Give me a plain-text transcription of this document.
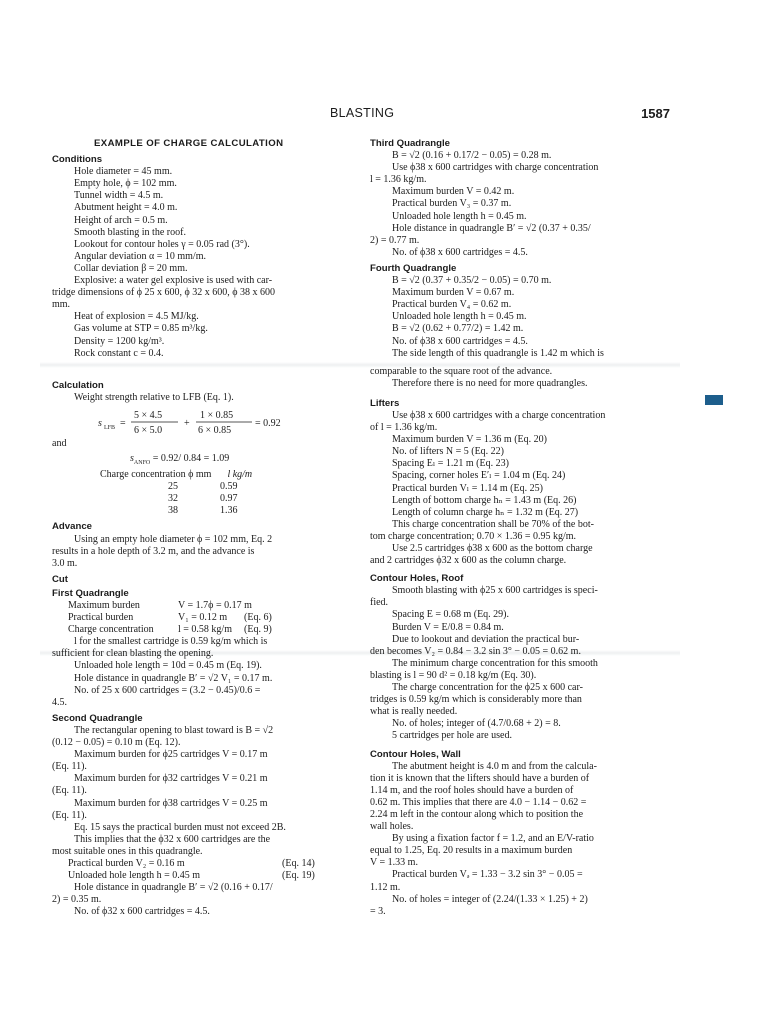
BLASTING	1587
EXAMPLE OF CHARGE CALCULATION
Conditions
Hole diameter = 45 mm.
Empty hole, ϕ = 102 mm.
Tunnel width = 4.5 m.
Abutment height = 4.0 m.
Height of arch = 0.5 m.
Smooth blasting in the roof.
Lookout for contour holes γ = 0.05 rad (3°).
Angular deviation α = 10 mm/m.
Collar deviation β = 20 mm.
Explosive: a water gel explosive is used with car-
tridge dimensions of ϕ 25 x 600, ϕ 32 x 600, ϕ 38 x 600
mm.
Heat of explosion = 4.5 MJ/kg.
Gas volume at STP = 0.85 m³/kg.
Density = 1200 kg/m³.
Rock constant c = 0.4.
Calculation
Weight strength relative to LFB (Eq. 1).
s LFB =
5 × 4.5
6 × 5.0
+
1 × 0.85
6 × 0.85
= 0.92
and
$s_{ANFO} = 0.92/$ 0.84 = 1.09
Charge concentration ϕ mm l kg/m
25	0.59
32	0.97
38	1.36
Advance
Using an empty hole diameter ϕ = 102 mm, Eq. 2
results in a hole depth of 3.2 m, and the advance is
3.0 m.
Cut
First Quadrangle
Maximum burden	V = 1.7ϕ = 0.17 m
Practical burden	V₁ = 0.12 m	(Eq. 6)
Charge concentration	l = 0.58 kg/m	(Eq. 9)
l for the smallest cartridge is 0.59 kg/m which is
sufficient for clean blasting the opening.
Unloaded hole length = 10d = 0.45 m (Eq. 19).
Hole distance in quadrangle B′ = √2 V₁ = 0.17 m.
No. of 25 x 600 cartridges = (3.2 − 0.45)/0.6 =
4.5.
Second Quadrangle
The rectangular opening to blast toward is B = √2
(0.12 − 0.05) = 0.10 m (Eq. 12).
Maximum burden for ϕ25 cartridges V = 0.17 m
(Eq. 11).
Maximum burden for ϕ32 cartridges V = 0.21 m
(Eq. 11).
Maximum burden for ϕ38 cartridges V = 0.25 m
(Eq. 11).
Eq. 15 says the practical burden must not exceed 2B.
This implies that the ϕ32 x 600 cartridges are the
most suitable ones in this quadrangle.
Practical burden V₂ = 0.16 m	(Eq. 14)
Unloaded hole length h = 0.45 m	(Eq. 19)
Hole distance in quadrangle B′ = √2 (0.16 + 0.17/
2) = 0.35 m.
No. of ϕ32 x 600 cartridges = 4.5.
Third Quadrangle
B = √2 (0.16 + 0.17/2 − 0.05) = 0.28 m.
Use ϕ38 x 600 cartridges with charge concentration
l = 1.36 kg/m.
Maximum burden V = 0.42 m.
Practical burden V₃ = 0.37 m.
Unloaded hole length h = 0.45 m.
Hole distance in quadrangle B′ = √2 (0.37 + 0.35/
2) = 0.77 m.
No. of ϕ38 x 600 cartridges = 4.5.
Fourth Quadrangle
B = √2 (0.37 + 0.35/2 − 0.05) = 0.70 m.
Maximum burden V = 0.67 m.
Practical burden V₄ = 0.62 m.
Unloaded hole length h = 0.45 m.
B = √2 (0.62 + 0.77/2) = 1.42 m.
No. of ϕ38 x 600 cartridges = 4.5.
The side length of this quadrangle is 1.42 m which is
comparable to the square root of the advance.
Therefore there is no need for more quadrangles.
Lifters
Use ϕ38 x 600 cartridges with a charge concentration
of l = 1.36 kg/m.
Maximum burden V = 1.36 m (Eq. 20)
No. of lifters N = 5 (Eq. 22)
Spacing Eₗ = 1.21 m (Eq. 23)
Spacing, corner holes E′ₗ = 1.04 m (Eq. 24)
Practical burden Vₗ = 1.14 m (Eq. 25)
Length of bottom charge hₙ = 1.43 m (Eq. 26)
Length of column charge hₙ = 1.32 m (Eq. 27)
This charge concentration shall be 70% of the bot-
tom charge concentration; 0.70 × 1.36 = 0.95 kg/m.
Use 2.5 cartridges ϕ38 x 600 as the bottom charge
and 2 cartridges ϕ32 x 600 as the column charge.
Contour Holes, Roof
Smooth blasting with ϕ25 x 600 cartridges is speci-
fied.
Spacing E = 0.68 m (Eq. 29).
Burden V = E/0.8 = 0.84 m.
Due to lookout and deviation the practical bur-
den becomes V₂ = 0.84 − 3.2 sin 3° − 0.05 = 0.62 m.
The minimum charge concentration for this smooth
blasting is l = 90 d² = 0.18 kg/m (Eq. 30).
The charge concentration for the ϕ25 x 600 car-
tridges is 0.59 kg/m which is considerably more than
what is really needed.
No. of holes; integer of (4.7/0.68 + 2) = 8.
5 cartridges per hole are used.
Contour Holes, Wall
The abutment height is 4.0 m and from the calcula-
tion it is known that the lifters should have a burden of
1.14 m, and the roof holes should have a burden of
0.62 m. This implies that there are 4.0 − 1.14 − 0.62 =
2.24 m left in the contour along which to position the
wall holes.
By using a fixation factor f = 1.2, and an E/V-ratio
equal to 1.25, Eq. 20 results in a maximum burden
V = 1.33 m.
Practical burden Vₔ = 1.33 − 3.2 sin 3° − 0.05 =
1.12 m.
No. of holes = integer of (2.24/(1.33 × 1.25) + 2)
= 3.
